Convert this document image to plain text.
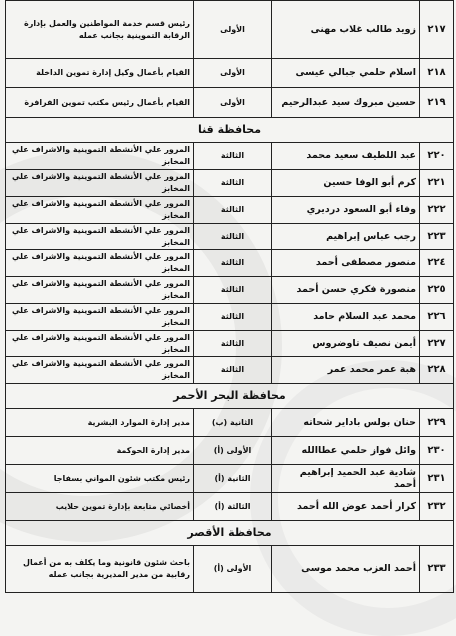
٢١٧	زويد طالب غلاب مهنى	الأولى	رئيس قسم خدمة المواطنين والعمل بإدارة الرقابة التموينية بجانب عمله
٢١٨	اسلام حلمي جبالي عيسى	الأولى	القيام بأعمال وكيل إدارة تموين الداخلة
٢١٩	حسين مبروك سيد عبدالرحيم	الأولى	القيام بأعمال رئيس مكتب تموين الفرافرة
محافظة قنا			
٢٢٠	عبد اللطيف سعيد محمد	الثالثة	المرور علي الأنشطة التموينية والاشراف علي المخابز
٢٢١	كرم أبو الوفا حسين	الثالثة	المرور علي الأنشطة التموينية والاشراف علي المخابز
٢٢٢	وفاء أبو السعود درديري	الثالثة	المرور علي الأنشطة التموينية والاشراف علي المخابز
٢٢٣	رجب عباس إبراهيم	الثالثة	المرور علي الأنشطة التموينية والاشراف علي المخابز
٢٢٤	منصور مصطفى أحمد	الثالثة	المرور علي الأنشطة التموينية والاشراف علي المخابز
٢٢٥	منصورة فكري حسن أحمد	الثالثة	المرور علي الأنشطة التموينية والاشراف علي المخابز
٢٢٦	محمد عبد السلام حامد	الثالثة	المرور علي الأنشطة التموينية والاشراف علي المخابز
٢٢٧	أيمن نصيف تاوضروس	الثالثة	المرور علي الأنشطة التموينية والاشراف علي المخابز
٢٢٨	هبة عمر محمد عمر	الثالثة	المرور علي الأنشطة التموينية والاشراف علي المخابز
محافظة البحر الأحمر			
٢٢٩	حنان بولس باداير شحاته	الثانية (ب)	مدير إدارة الموارد البشرية
٢٣٠	وائل فواز حلمي عطاالله	الأولى (أ)	مدير إدارة الحوكمة
٢٣١	شادية عبد الحميد إبراهيم أحمد	الثانية (أ)	رئيس مكتب شئون المواني بسفاجا
٢٣٢	كرار أحمد عوض الله أحمد	الثالثة (أ)	أخصائي متابعة بإدارة تموين حلايب
محافظة الأقصر			
٢٣٣	أحمد العزب محمد موسى	الأولى (أ)	باحث شئون قانونية وما يكلف به من أعمال رقابية من مدير المديرية بجانب عمله
